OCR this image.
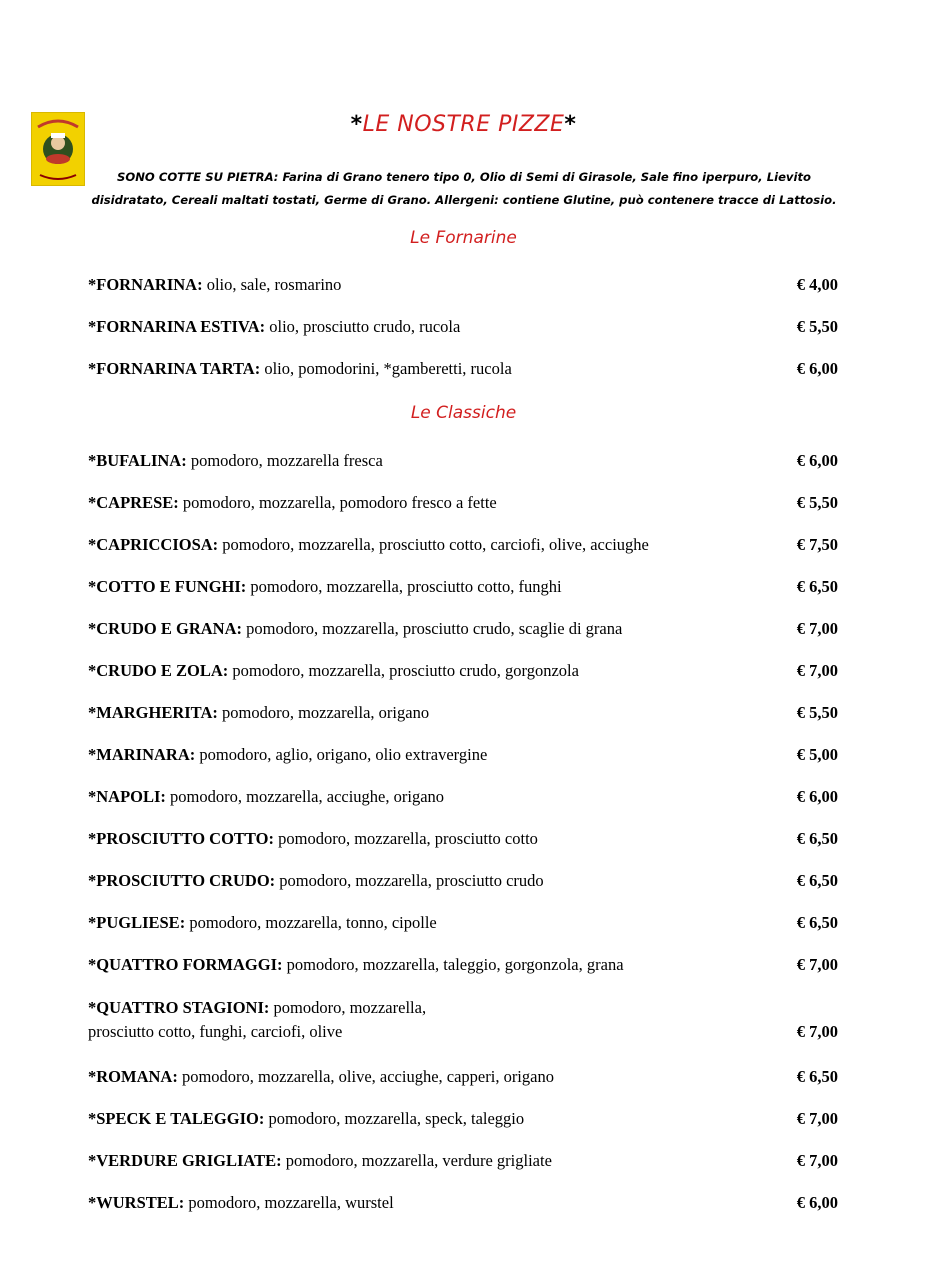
*LE NOSTRE PIZZE*
SONO COTTE SU PIETRA: Farina di Grano tenero tipo 0, Olio di Semi di Girasole, Sale fino iperpuro, Lievito
disidratato, Cereali maltati tostati, Germe di Grano. Allergeni: contiene Glutine, può contenere tracce di Lattosio.
Le Fornarine
*FORNARINA: olio, sale, rosmarino	€ 4,00
*FORNARINA ESTIVA: olio, prosciutto crudo, rucola	€ 5,50
*FORNARINA TARTA: olio, pomodorini, *gamberetti, rucola	€ 6,00
Le Classiche
*BUFALINA: pomodoro, mozzarella fresca	€ 6,00
*CAPRESE: pomodoro, mozzarella, pomodoro fresco a fette	€ 5,50
*CAPRICCIOSA: pomodoro, mozzarella, prosciutto cotto, carciofi, olive, acciughe	€ 7,50
*COTTO E FUNGHI: pomodoro, mozzarella, prosciutto cotto, funghi	€ 6,50
*CRUDO E GRANA: pomodoro, mozzarella, prosciutto crudo, scaglie di grana	€ 7,00
*CRUDO E ZOLA: pomodoro, mozzarella, prosciutto crudo, gorgonzola	€ 7,00
*MARGHERITA: pomodoro, mozzarella, origano	€ 5,50
*MARINARA: pomodoro, aglio, origano, olio extravergine	€ 5,00
*NAPOLI: pomodoro, mozzarella, acciughe, origano	€ 6,00
*PROSCIUTTO COTTO: pomodoro, mozzarella, prosciutto cotto	€ 6,50
*PROSCIUTTO CRUDO: pomodoro, mozzarella, prosciutto crudo	€ 6,50
*PUGLIESE: pomodoro, mozzarella, tonno, cipolle	€ 6,50
*QUATTRO FORMAGGI: pomodoro, mozzarella, taleggio, gorgonzola, grana	€ 7,00
*QUATTRO STAGIONI: pomodoro, mozzarella,
prosciutto cotto, funghi, carciofi, olive	€ 7,00
*ROMANA: pomodoro, mozzarella, olive, acciughe, capperi, origano	€ 6,50
*SPECK E TALEGGIO: pomodoro, mozzarella, speck, taleggio	€ 7,00
*VERDURE GRIGLIATE: pomodoro, mozzarella, verdure grigliate	€ 7,00
*WURSTEL: pomodoro, mozzarella, wurstel	€ 6,00
